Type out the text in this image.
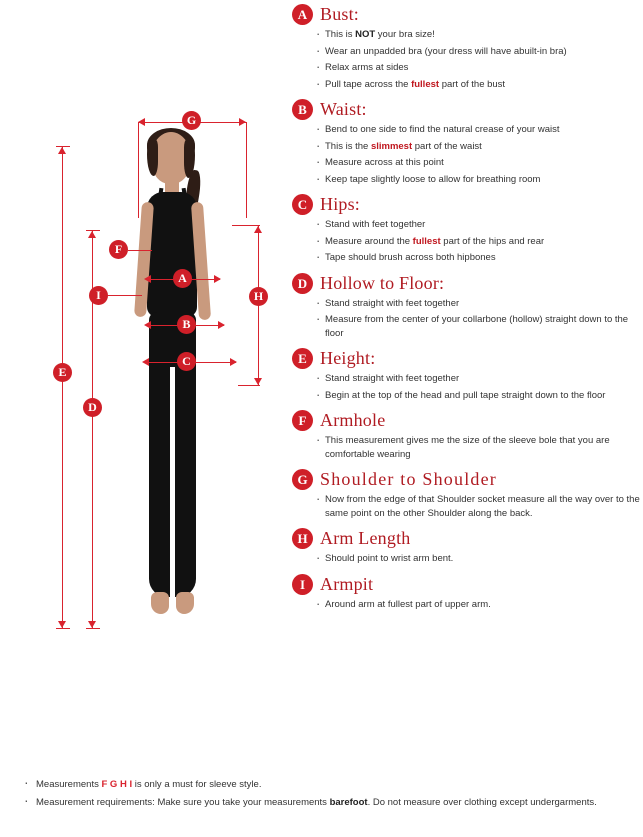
G
E
D
F
I	H
A
B
C
A Bust:
· This is NOT your bra size!
· Wear an unpadded bra (your dress will have abuilt-in bra)
· Relax arms at sides
· Pull tape across the fullest part of the bust
B Waist:
· Bend to one side to find the natural crease of your waist
· This is the slimmest part of the waist
· Measure across at this point
· Keep tape slightly loose to allow for breathing room
C Hips:
· Stand with feet together
· Measure around the fullest part of the hips and rear
· Tape should brush across both hipbones
D Hollow to Floor:
· Stand straight with feet together
· Measure from the center of your collarbone (hollow) straight down to the floor
E Height:
· Stand straight with feet together
· Begin at the top of the head and pull tape straight down to the floor
F Armhole
· This measurement gives me the size of the sleeve bole that you are comfortable wearing
G Shoulder to Shoulder
· Now from the edge of that Shoulder socket measure all the way over to the same point on the other Shoulder along the back.
H Arm Length
· Should point to wrist arm bent.
I Armpit
· Around arm at fullest part of upper arm.
· Measurements F G H I is only a must for sleeve style.
· Measurement requirements: Make sure you take your measurements barefoot. Do not measure over clothing except undergarments.
